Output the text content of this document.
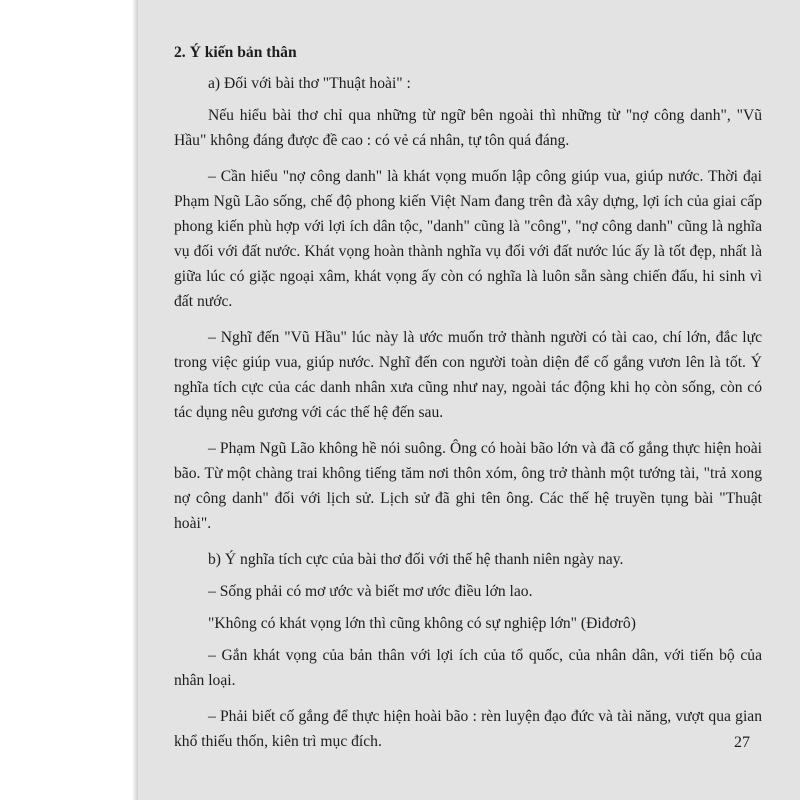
2. Ý kiến bản thân

a) Đối với bài thơ "Thuật hoài" :

Nếu hiểu bài thơ chỉ qua những từ ngữ bên ngoài thì những từ "nợ công danh", "Vũ Hầu" không đáng được đề cao : có vẻ cá nhân, tự tôn quá đáng.

– Cần hiểu "nợ công danh" là khát vọng muốn lập công giúp vua, giúp nước. Thời đại Phạm Ngũ Lão sống, chế độ phong kiến Việt Nam đang trên đà xây dựng, lợi ích của giai cấp phong kiến phù hợp với lợi ích dân tộc, "danh" cũng là "công", "nợ công danh" cũng là nghĩa vụ đối với đất nước. Khát vọng hoàn thành nghĩa vụ đối với đất nước lúc ấy là tốt đẹp, nhất là giữa lúc có giặc ngoại xâm, khát vọng ấy còn có nghĩa là luôn sẵn sàng chiến đấu, hi sinh vì đất nước.

– Nghĩ đến "Vũ Hầu" lúc này là ước muốn trở thành người có tài cao, chí lớn, đắc lực trong việc giúp vua, giúp nước. Nghĩ đến con người toàn diện để cố gắng vươn lên là tốt. Ý nghĩa tích cực của các danh nhân xưa cũng như nay, ngoài tác động khi họ còn sống, còn có tác dụng nêu gương với các thế hệ đến sau.

– Phạm Ngũ Lão không hề nói suông. Ông có hoài bão lớn và đã cố gắng thực hiện hoài bão. Từ một chàng trai không tiếng tăm nơi thôn xóm, ông trở thành một tướng tài, "trả xong nợ công danh" đối với lịch sử. Lịch sử đã ghi tên ông. Các thế hệ truyền tụng bài "Thuật hoài".

b) Ý nghĩa tích cực của bài thơ đối với thế hệ thanh niên ngày nay.

– Sống phải có mơ ước và biết mơ ước điều lớn lao.

"Không có khát vọng lớn thì cũng không có sự nghiệp lớn" (Điđơrô)

– Gắn khát vọng của bản thân với lợi ích của tổ quốc, của nhân dân, với tiến bộ của nhân loại.

– Phải biết cố gắng để thực hiện hoài bão : rèn luyện đạo đức và tài năng, vượt qua gian khổ thiếu thốn, kiên trì mục đích.	27
